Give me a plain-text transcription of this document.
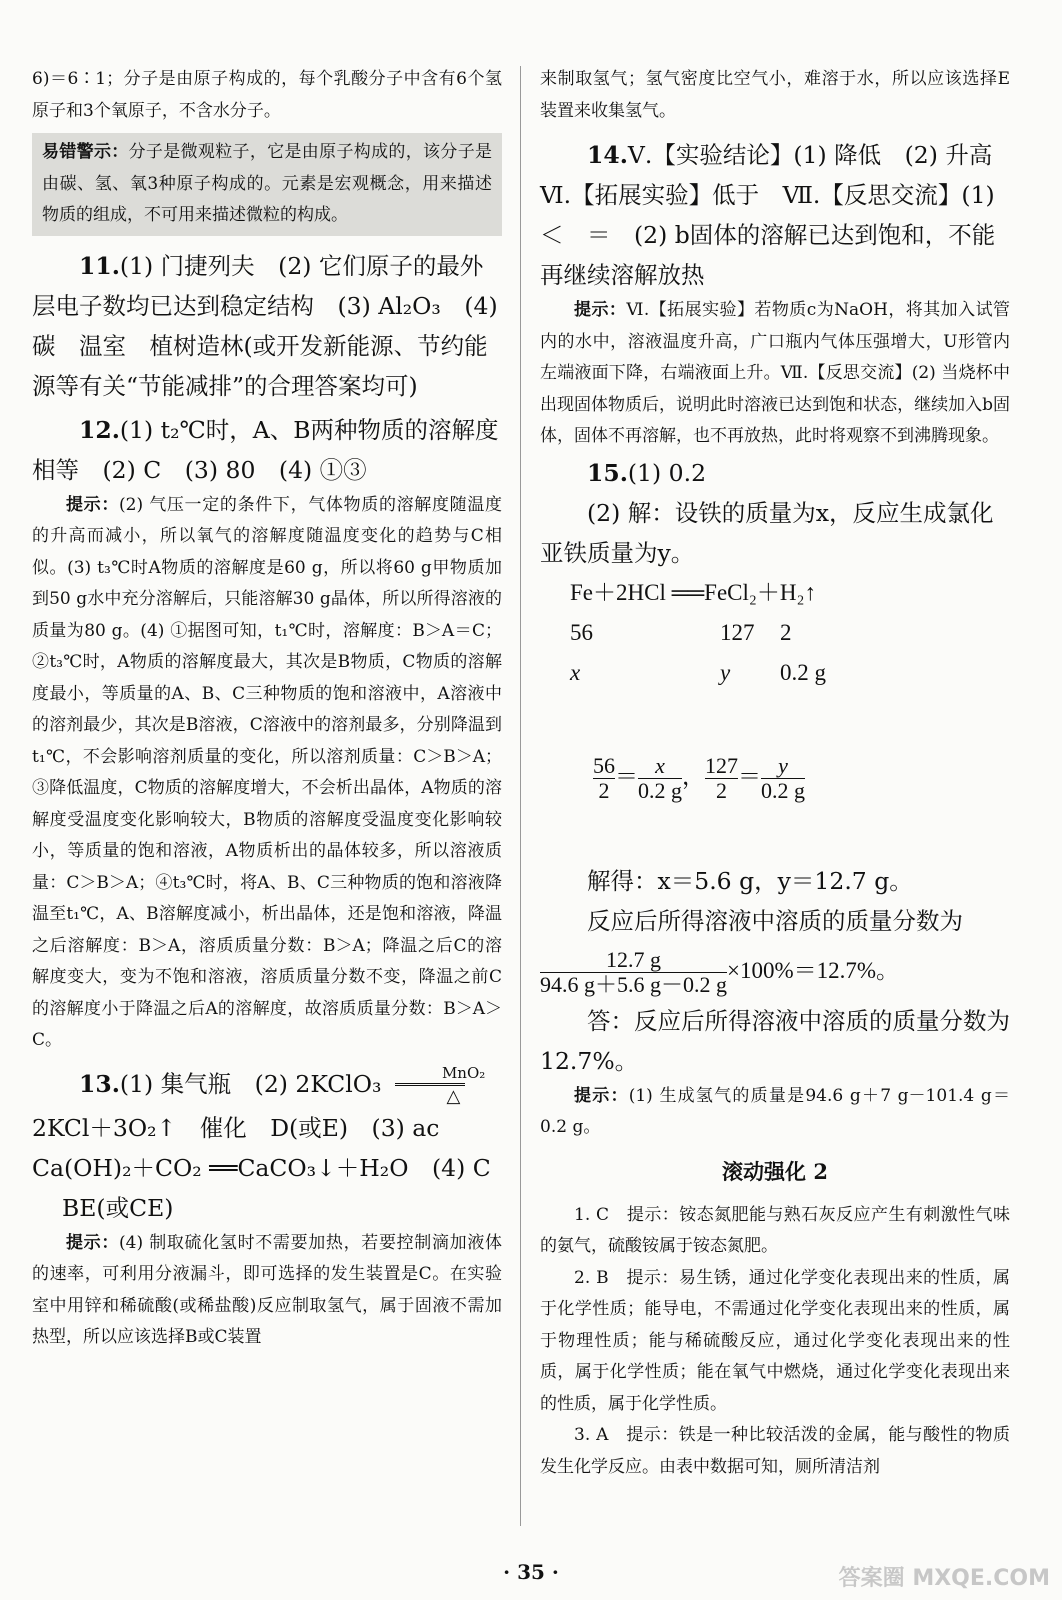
6)＝6∶1；分子是由原子构成的，每个乳酸分子中含有6个氢原子和3个氧原子，不含水分子。

易错警示：分子是微观粒子，它是由原子构成的，该分子是由碳、氢、氧3种原子构成的。元素是宏观概念，用来描述物质的组成，不可用来描述微粒的构成。

11.(1) 门捷列夫　(2) 它们原子的最外层电子数均已达到稳定结构　(3) Al₂O₃　(4) 碳　温室　植树造林(或开发新能源、节约能源等有关“节能减排”的合理答案均可)

12.(1) t₂℃时，A、B两种物质的溶解度相等　(2) C　(3) 80　(4) ①③

提示：(2) 气压一定的条件下，气体物质的溶解度随温度的升高而减小，所以氧气的溶解度随温度变化的趋势与C相似。(3) t₃℃时A物质的溶解度是60 g，所以将60 g甲物质加到50 g水中充分溶解后，只能溶解30 g晶体，所以所得溶液的质量为80 g。(4) ①据图可知，t₁℃时，溶解度：B＞A＝C；②t₃℃时，A物质的溶解度最大，其次是B物质，C物质的溶解度最小，等质量的A、B、C三种物质的饱和溶液中，A溶液中的溶剂最少，其次是B溶液，C溶液中的溶剂最多，分别降温到t₁℃，不会影响溶剂质量的变化，所以溶剂质量：C＞B＞A；③降低温度，C物质的溶解度增大，不会析出晶体，A物质的溶解度受温度变化影响较大，B物质的溶解度受温度变化影响较小，等质量的饱和溶液，A物质析出的晶体较多，所以溶液质量：C＞B＞A；④t₃℃时，将A、B、C三种物质的饱和溶液降温至t₁℃，A、B溶解度减小，析出晶体，还是饱和溶液，降温之后溶解度：B＞A，溶质质量分数：B＞A；降温之后C的溶解度变大，变为不饱和溶液，溶质质量分数不变，降温之前C的溶解度小于降温之后A的溶解度，故溶质质量分数：B＞A＞C。

13.(1) 集气瓶　(2) 2KClO₃ $\frac{\text{MnO₂}}{\triangle}$

2KCl＋3O₂↑　催化　D(或E)　(3) ac

Ca(OH)₂＋CO₂ ══CaCO₃↓＋H₂O　(4) C

BE(或CE)

提示：(4) 制取硫化氢时不需要加热，若要控制滴加液体的速率，可利用分液漏斗，即可选择的发生装置是C。在实验室中用锌和稀硫酸(或稀盐酸)反应制取氢气，属于固液不需加热型，所以应该选择B或C装置

来制取氢气；氢气密度比空气小，难溶于水，所以应该选择E装置来收集氢气。

14.Ⅴ.【实验结论】(1) 降低　(2) 升高　Ⅵ.【拓展实验】低于　Ⅶ.【反思交流】(1) ＜　＝　(2) b固体的溶解已达到饱和，不能再继续溶解放热

提示：Ⅵ.【拓展实验】若物质c为NaOH，将其加入试管内的水中，溶液温度升高，广口瓶内气体压强增大，U形管内左端液面下降，右端液面上升。Ⅶ.【反思交流】(2) 当烧杯中出现固体物质后，说明此时溶液已达到饱和状态，继续加入b固体，固体不再溶解，也不再放热，此时将观察不到沸腾现象。

15.(1) 0.2

(2) 解：设铁的质量为x，反应生成氯化亚铁质量为y。

Fe＋2HCl ══FeCl₂＋H₂↑

56	127 2

x	y 0.2 g

$\frac{56}{2} = \frac{x}{0.2 g}$ ， $\frac{127}{2} = \frac{y}{0.2 g}$

解得：x＝5.6 g，y＝12.7 g。

反应后所得溶液中溶质的质量分数为

$\frac{12.7 g}{94.6 g+5.6 g-0.2 g} \times 100\%=12.7\%$。

答：反应后所得溶液中溶质的质量分数为12.7%。

提示：(1) 生成氢气的质量是94.6 g＋7 g－101.4 g＝0.2 g。

滚动强化 2

1. C　提示：铵态氮肥能与熟石灰反应产生有刺激性气味的氨气，硫酸铵属于铵态氮肥。

2. B　提示：易生锈，通过化学变化表现出来的性质，属于化学性质；能导电，不需通过化学变化表现出来的性质，属于物理性质；能与稀硫酸反应，通过化学变化表现出来的性质，属于化学性质；能在氧气中燃烧，通过化学变化表现出来的性质，属于化学性质。

3. A　提示：铁是一种比较活泼的金属，能与酸性的物质发生化学反应。由表中数据可知，厕所清洁剂

· 35 ·	答案圈 MXQE.COM
